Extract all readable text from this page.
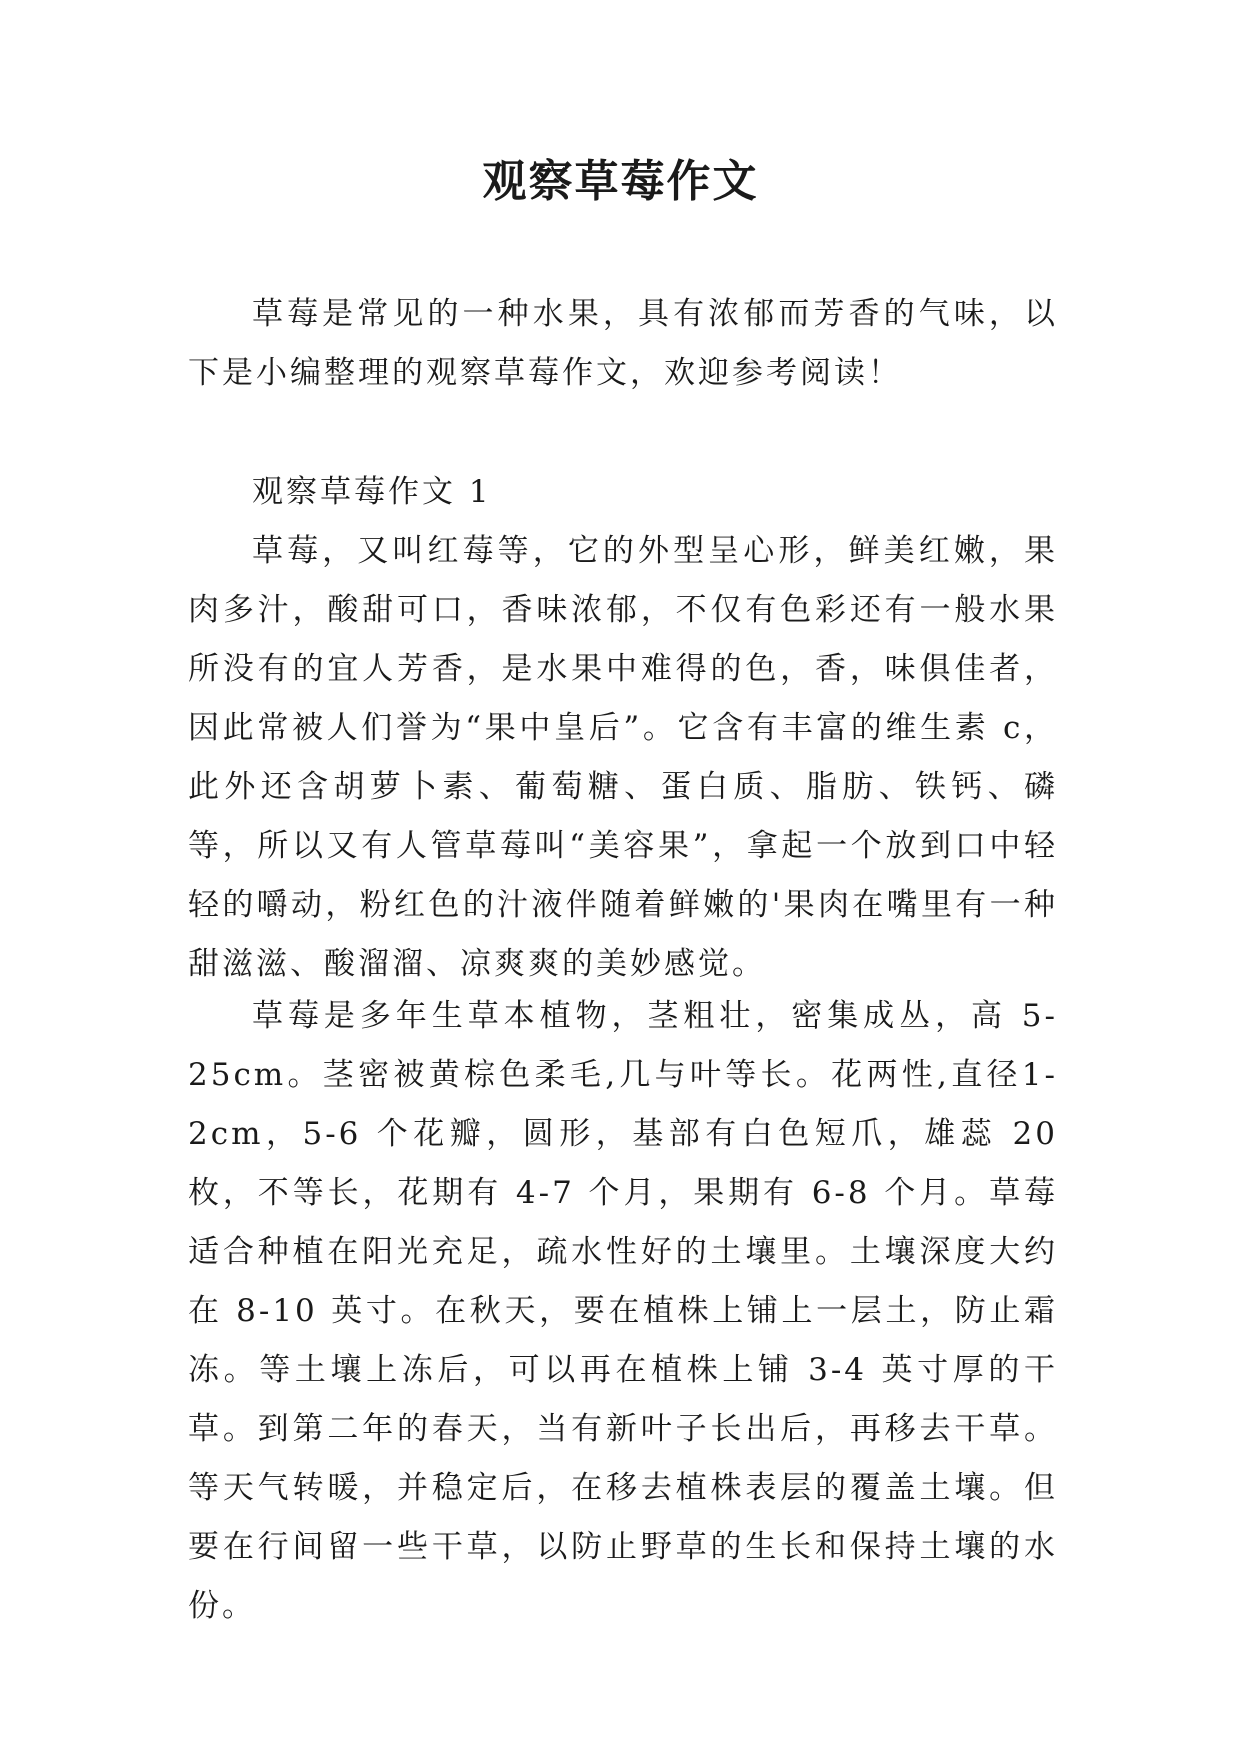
观察草莓作文

草莓是常见的一种水果，具有浓郁而芳香的气味，以下是小编整理的观察草莓作文，欢迎参考阅读！

观察草莓作文 1

草莓，又叫红莓等，它的外型呈心形，鲜美红嫩，果肉多汁，酸甜可口，香味浓郁，不仅有色彩还有一般水果所没有的宜人芳香，是水果中难得的色，香，味俱佳者，因此常被人们誉为“果中皇后”。它含有丰富的维生素 c，此外还含胡萝卜素、葡萄糖、蛋白质、脂肪、铁钙、磷等，所以又有人管草莓叫“美容果”，拿起一个放到口中轻轻的嚼动，粉红色的汁液伴随着鲜嫩的'果肉在嘴里有一种甜滋滋、酸溜溜、凉爽爽的美妙感觉。

草莓是多年生草本植物，茎粗壮，密集成丛，高 5-25cm。茎密被黄棕色柔毛,几与叶等长。花两性,直径1-2cm，5-6 个花瓣，圆形，基部有白色短爪，雄蕊 20 枚，不等长，花期有 4-7 个月，果期有 6-8 个月。草莓适合种植在阳光充足，疏水性好的土壤里。土壤深度大约在 8-10 英寸。在秋天，要在植株上铺上一层土，防止霜冻。等土壤上冻后，可以再在植株上铺 3-4 英寸厚的干草。到第二年的春天，当有新叶子长出后，再移去干草。等天气转暖，并稳定后，在移去植株表层的覆盖土壤。但要在行间留一些干草，以防止野草的生长和保持土壤的水份。
